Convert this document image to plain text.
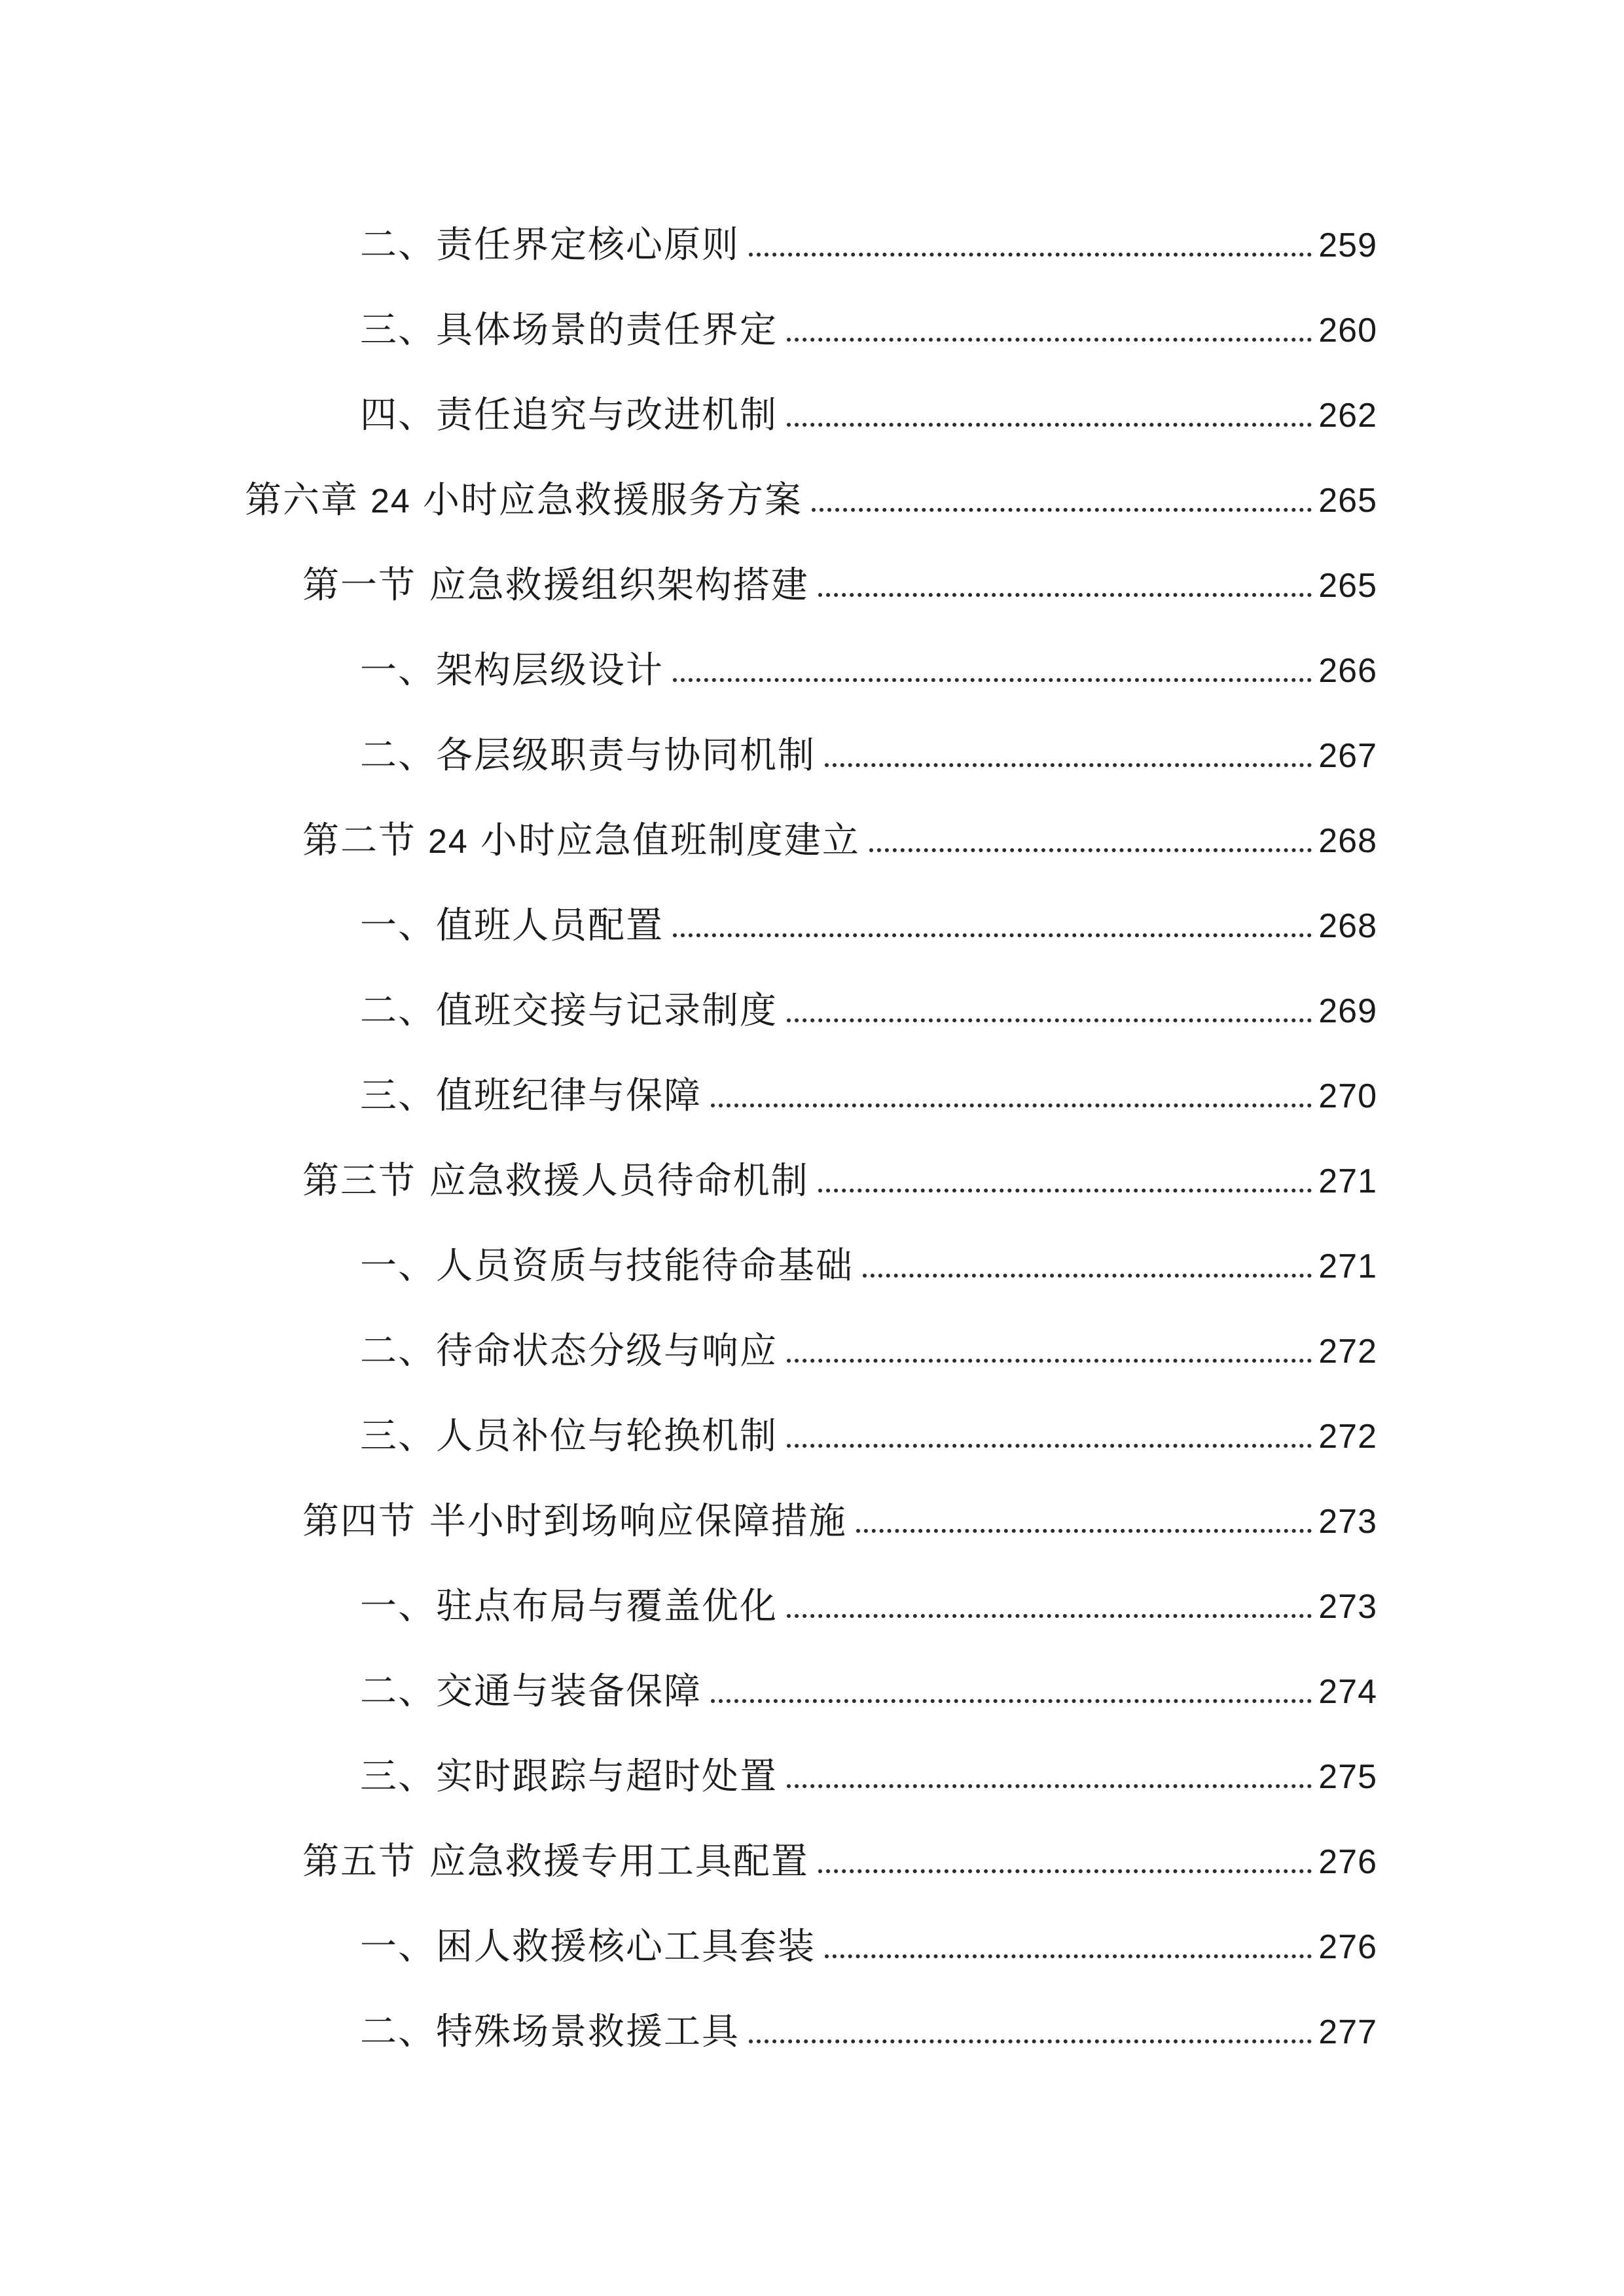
二、责任界定核心原则	259
三、具体场景的责任界定	260
四、责任追究与改进机制	262
第六章 24 小时应急救援服务方案	265
第一节 应急救援组织架构搭建	265
一、架构层级设计	266
二、各层级职责与协同机制	267
第二节 24 小时应急值班制度建立	268
一、值班人员配置	268
二、值班交接与记录制度	269
三、值班纪律与保障	270
第三节 应急救援人员待命机制	271
一、人员资质与技能待命基础	271
二、待命状态分级与响应	272
三、人员补位与轮换机制	272
第四节 半小时到场响应保障措施	273
一、驻点布局与覆盖优化	273
二、交通与装备保障	274
三、实时跟踪与超时处置	275
第五节 应急救援专用工具配置	276
一、困人救援核心工具套装	276
二、特殊场景救援工具	277
